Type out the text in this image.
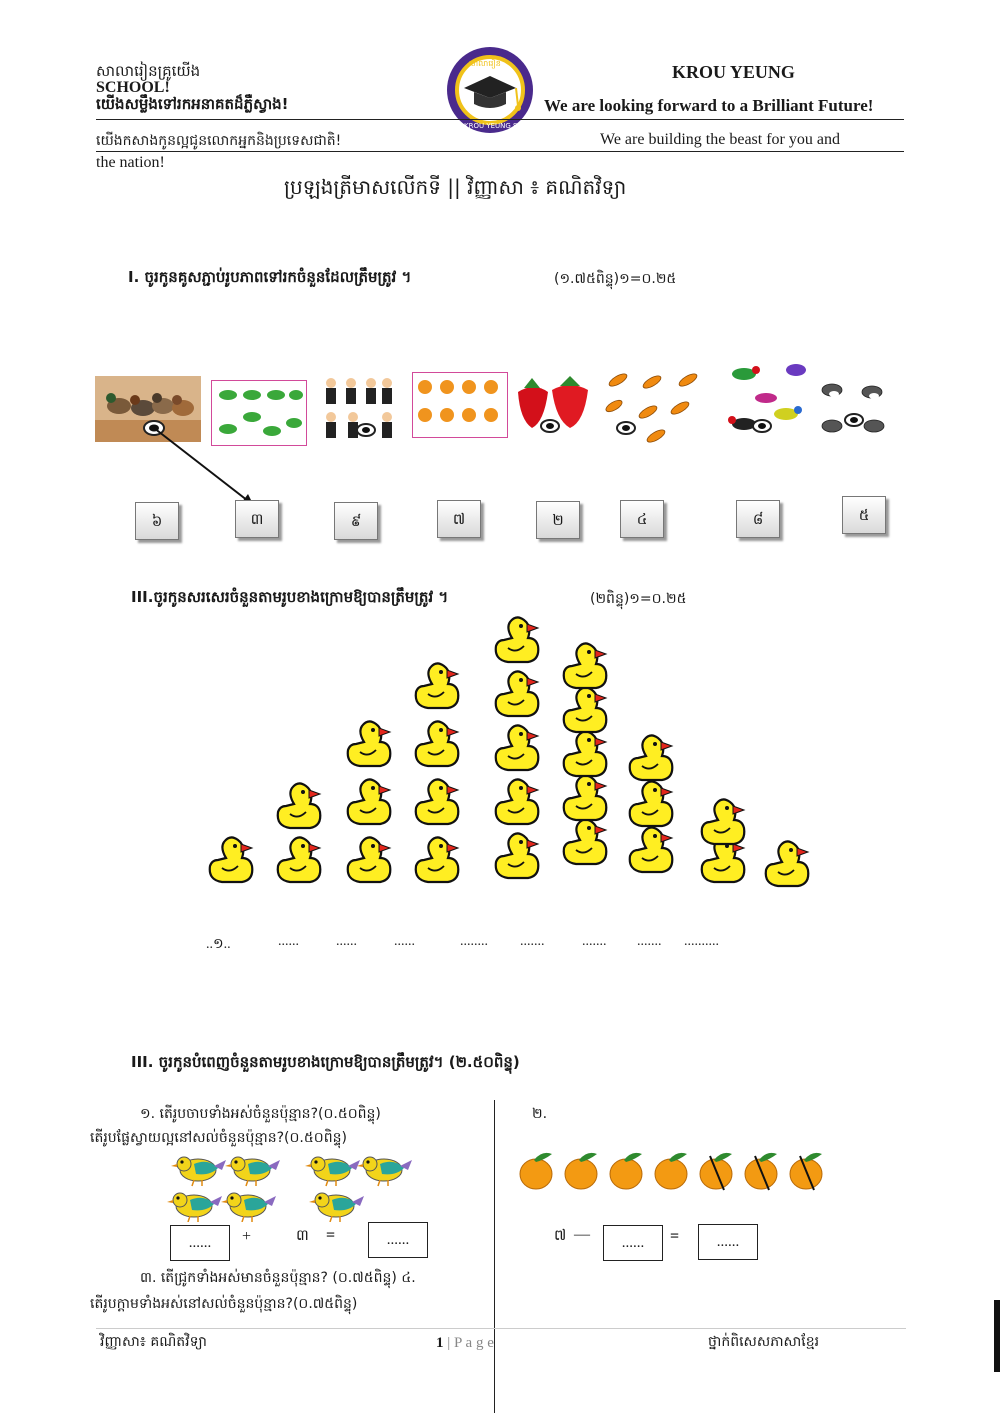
សាលារៀនគ្រូយើង
SCHOOL!
យើងសម្លឹងទៅរកអនាគតដ៏ភ្លឺស្វាង!
សាលារៀន
KROU YEUNG SCHOOL
KROU YEUNG
We are looking forward to a Brilliant Future!
យើងកសាងកូនល្អជូនលោកអ្នកនិងប្រទេសជាតិ!	We are building the beast for you and
the nation!
ប្រឡងត្រីមាសលើកទី || វិញ្ញាសា ៖ គណិតវិទ្យា
I. ចូរកូនគូសភ្ជាប់រូបភាពទៅរកចំនួនដែលត្រឹមត្រូវ ។	(១.៧៥ពិន្ទុ)១=០.២៥
៦	៣	៩	៧	២	៤	៨	៥
III.ចូរកូនសរសេរចំនួនតាមរូបខាងក្រោមឱ្យបានត្រឹមត្រូវ ។	(២ពិន្ទុ)១=០.២៥
..១..	......	......	......	........ .......	....... ....... ..........
III. ចូរកូនបំពេញចំនួនតាមរូបខាងក្រោមឱ្យបានត្រឹមត្រូវ។ (២.៥០ពិន្ទុ)
១. តើរូបចាបទាំងអស់ចំនួនប៉ុន្មាន?(០.៥០ពិន្ទុ)	២.
តើរូបផ្លែស្វាយល្អនៅសល់ចំនួនប៉ុន្មាន?(០.៥០ពិន្ទុ)
......	+	៣ =	......	៧ —	......	=	......
៣. តើជ្រូកទាំងអស់មានចំនួនប៉ុន្មាន? (០.៧៥ពិន្ទុ) ៤.
តើរូបក្តាមទាំងអស់នៅសល់ចំនួនប៉ុន្មាន?(០.៧៥ពិន្ទុ)
វិញ្ញាសា៖ គណិតវិទ្យា	1 | P a g e	ថ្នាក់ពិសេសភាសាខ្មែរ
